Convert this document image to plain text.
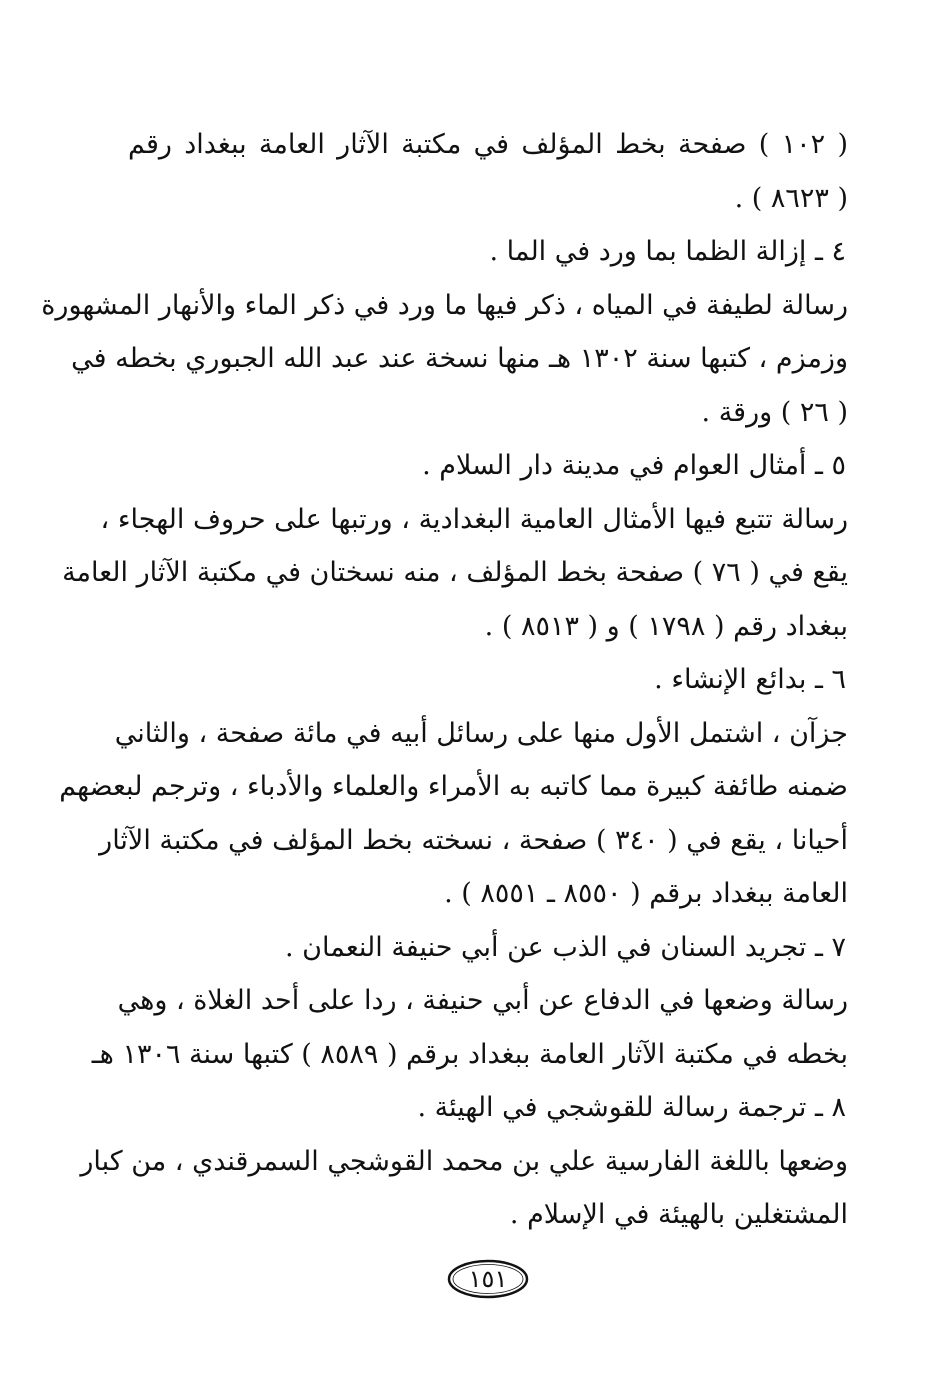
( ١٠٢ ) صفحة بخط المؤلف في مكتبة الآثار العامة ببغداد رقم
( ٨٦٢٣ ) .
٤ ـ إزالة الظما بما ورد في الما .
رسالة لطيفة في المياه ، ذكر فيها ما ورد في ذكر الماء والأنهار المشهورة
وزمزم ، كتبها سنة ١٣٠٢ هـ منها نسخة عند عبد الله الجبوري بخطه في
( ٢٦ ) ورقة .
٥ ـ أمثال العوام في مدينة دار السلام .
رسالة تتبع فيها الأمثال العامية البغدادية ، ورتبها على حروف الهجاء ،
يقع في ( ٧٦ ) صفحة بخط المؤلف ، منه نسختان في مكتبة الآثار العامة
ببغداد رقم ( ١٧٩٨ ) و ( ٨٥١٣ ) .
٦ ـ بدائع الإنشاء .
جزآن ، اشتمل الأول منها على رسائل أبيه في مائة صفحة ، والثاني
ضمنه طائفة كبيرة مما كاتبه به الأمراء والعلماء والأدباء ، وترجم لبعضهم
أحيانا ، يقع في ( ٣٤٠ ) صفحة ، نسخته بخط المؤلف في مكتبة الآثار
العامة ببغداد برقم ( ٨٥٥٠ ـ ٨٥٥١ ) .
٧ ـ تجريد السنان في الذب عن أبي حنيفة النعمان .
رسالة وضعها في الدفاع عن أبي حنيفة ، ردا على أحد الغلاة ، وهي
بخطه في مكتبة الآثار العامة ببغداد برقم ( ٨٥٨٩ ) كتبها سنة ١٣٠٦ هـ
٨ ـ ترجمة رسالة للقوشجي في الهيئة .
وضعها باللغة الفارسية علي بن محمد القوشجي السمرقندي ، من كبار
المشتغلين بالهيئة في الإسلام .
١٥١
